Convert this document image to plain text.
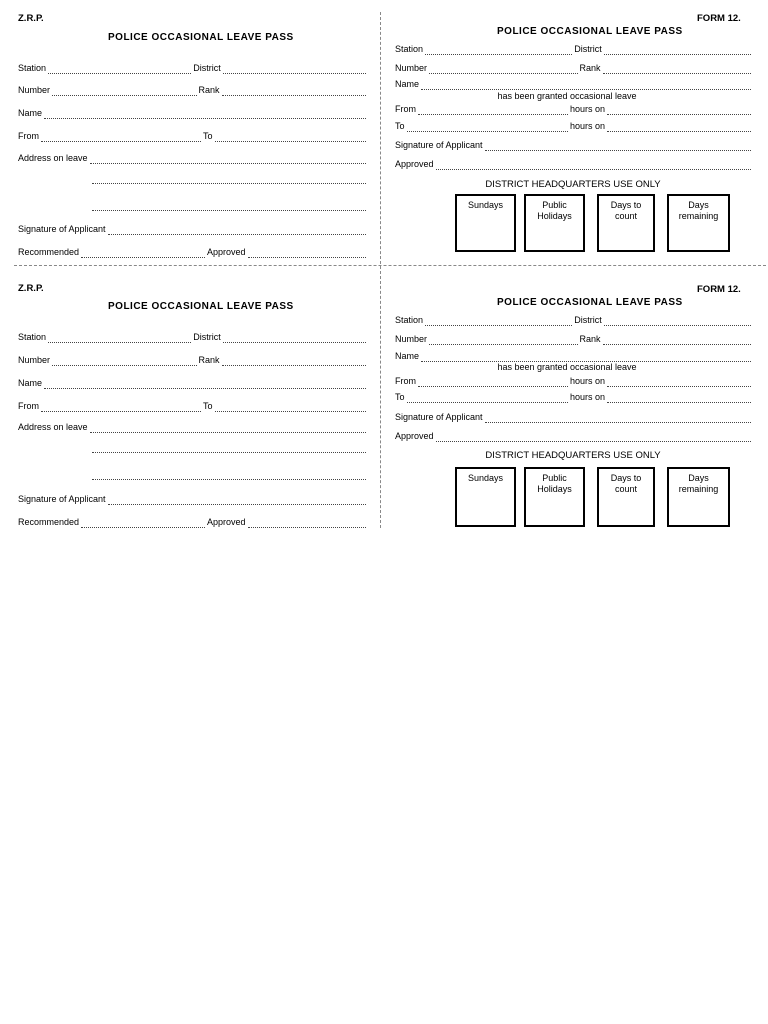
Z.R.P.
POLICE OCCASIONAL LEAVE PASS
Station	District
Number	Rank
Name
From	To
Address on leave
Signature of Applicant
Recommended	Approved
FORM 12.
POLICE OCCASIONAL LEAVE PASS
Station	District
Number	Rank
Name
has been granted occasional leave
From	hours on
To	hours on
Signature of Applicant
Approved
DISTRICT HEADQUARTERS USE ONLY
Sundays	Public
Holidays
Days to
count
Days
remaining
Z.R.P.
POLICE OCCASIONAL LEAVE PASS
Station	District
Number	Rank
Name
From	To
Address on leave
Signature of Applicant
Recommended	Approved
FORM 12.
POLICE OCCASIONAL LEAVE PASS
Station	District
Number	Rank
Name
has been granted occasional leave
From	hours on
To	hours on
Signature of Applicant
Approved
DISTRICT HEADQUARTERS USE ONLY
Sundays	Public
Holidays
Days to
count
Days
remaining
